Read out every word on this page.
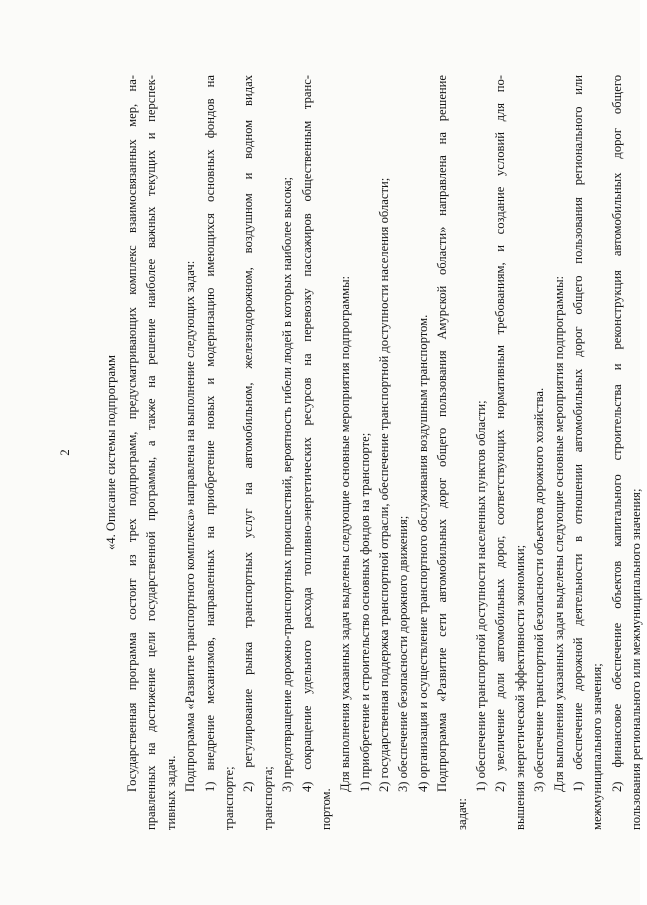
2	«4. Описание системы подпрограмм Государственная программа состоит из трех подпрограмм, предусматривающих комплекс взаимосвязанных мер, на- правленных на достижение цели государственной программы, а также на решение наиболее важных текущих и перспек- тивных задач.
Подпрограмма «Развитие транспортного комплекса» направлена на выполнение следующих задач: 1) внедрение механизмов, направленных на приобретение новых и модернизацию имеющихся основных фондов на
транспорте;
2) регулирование рынка транспортных услуг на автомобильном, железнодорожном, воздушном и водном видах
транспорта;
3) предотвращение дорожно-транспортных происшествий, вероятность гибели людей в которых наиболее высока; 4) сокращение удельного расхода топливно-энергетических ресурсов на перевозку пассажиров общественным транс-
портом.
Для выполнения указанных задач выделены следующие основные мероприятия подпрограммы: 1) приобретение и строительство основных фондов на транспорте; 2) государственная поддержка транспортной отрасли, обеспечение транспортной доступности населения области; 3) обеспечение безопасности дорожного движения; 4) организация и осуществление транспортного обслуживания воздушным транспортом. Подпрограмма «Развитие сети автомобильных дорог общего пользования Амурской области» направлена на решение
задач:
1) обеспечение транспортной доступности населенных пунктов области; 2) увеличение доли автомобильных дорог, соответствующих нормативным требованиям, и создание условий для по- вышения энергетической эффективности экономики; 3) обеспечение транспортной безопасности объектов дорожного хозяйства. Для выполнения указанных задач выделены следующие основные мероприятия подпрограммы: 1) обеспечение дорожной деятельности в отношении автомобильных дорог общего пользования регионального или межмуниципального значения; 2) финансовое обеспечение объектов капитального строительства и реконструкция автомобильных дорог общего пользования регионального или межмуниципального значения;
